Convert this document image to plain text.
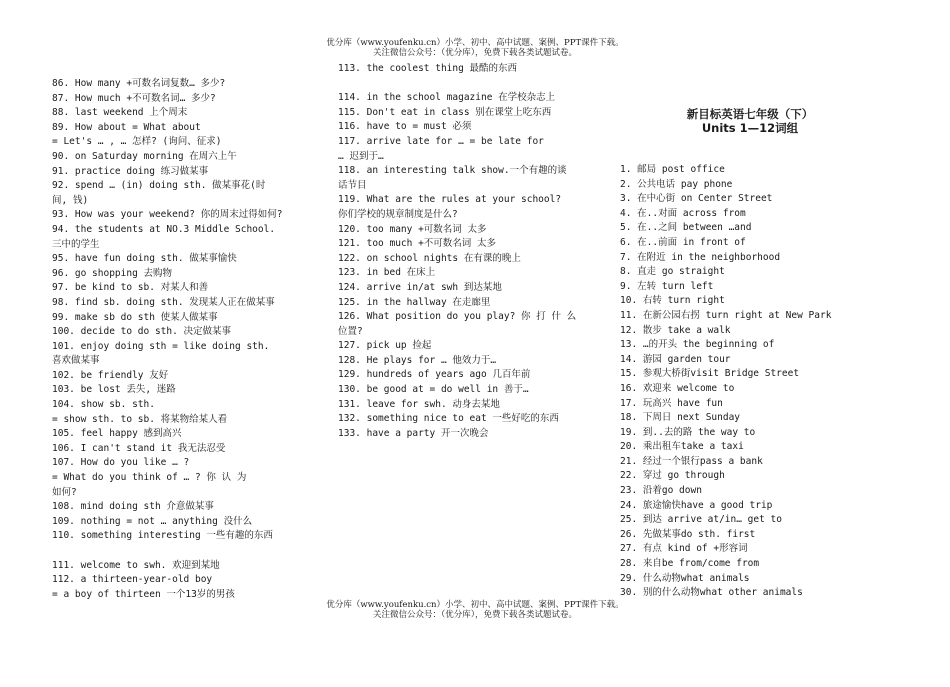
优分库（www.youfenku.cn）小学、初中、高中试题、案例、PPT课件下载。
关注微信公众号：（优分库），免费下载各类试题试卷。
新目标英语七年级（下）
Units 1—12词组
86. How many +可数名词复数… 多少?
87. How much +不可数名词… 多少?
88. last weekend 上个周末
89. How about = What about
= Let's … , … 怎样? (询问、征求)
90. on Saturday morning 在周六上午
91. practice doing 练习做某事
92. spend … (in) doing sth. 做某事花(时
间, 钱)
93. How was your weekend? 你的周末过得如何?
94. the students at NO.3 Middle School.
三中的学生
95. have fun doing sth. 做某事愉快
96. go shopping 去购物
97. be kind to sb. 对某人和善
98. find sb. doing sth. 发现某人正在做某事
99. make sb do sth 使某人做某事
100. decide to do sth. 决定做某事
101. enjoy doing sth = like doing sth.
喜欢做某事
102. be friendly 友好
103. be lost 丢失, 迷路
104. show sb. sth.
= show sth. to sb. 将某物给某人看
105. feel happy 感到高兴
106. I can't stand it 我无法忍受
107. How do you like … ?
= What do you think of … ? 你 认 为
如何?
108. mind doing sth 介意做某事
109. nothing = not … anything 没什么
110. something interesting 一些有趣的东西
111. welcome to swh. 欢迎到某地
112. a thirteen-year-old boy
= a boy of thirteen 一个13岁的男孩
113. the coolest thing 最酷的东西
114. in the school magazine 在学校杂志上
115. Don't eat in class 别在课堂上吃东西
116. have to = must 必须
117. arrive late for … = be late for
… 迟到于…
118. an interesting talk show.一个有趣的谈
话节目
119. What are the rules at your school?
你们学校的规章制度是什么?
120. too many +可数名词 太多
121. too much +不可数名词 太多
122. on school nights 在有课的晚上
123. in bed 在床上
124. arrive in/at swh 到达某地
125. in the hallway 在走廊里
126. What position do you play? 你 打 什 么
位置?
127. pick up 捡起
128. He plays for … 他效力于…
129. hundreds of years ago 几百年前
130. be good at = do well in 善于…
131. leave for swh. 动身去某地
132. something nice to eat 一些好吃的东西
133. have a party 开一次晚会
1. 邮局 post office
2. 公共电话 pay phone
3. 在中心街 on Center Street
4. 在..对面 across from
5. 在..之间 between …and
6. 在..前面 in front of
7. 在附近 in the neighborhood
8. 直走 go straight
9. 左转 turn left
10. 右转 turn right
11. 在新公园右拐 turn right at New Park
12. 散步 take a walk
13. …的开头 the beginning of
14. 游园 garden tour
15. 参观大桥街visit Bridge Street
16. 欢迎来 welcome to
17. 玩高兴 have fun
18. 下周日 next Sunday
19. 到..去的路 the way to
20. 乘出租车take a taxi
21. 经过一个银行pass a bank
22. 穿过 go through
23. 沿着go down
24. 旅途愉快have a good trip
25. 到达 arrive at/in… get to
26. 先做某事do sth. first
27. 有点 kind of +形容词
28. 来自be from/come from
29. 什么动物what animals
30. 别的什么动物what other animals
优分库（www.youfenku.cn）小学、初中、高中试题、案例、PPT课件下载。
关注微信公众号：（优分库），免费下载各类试题试卷。
